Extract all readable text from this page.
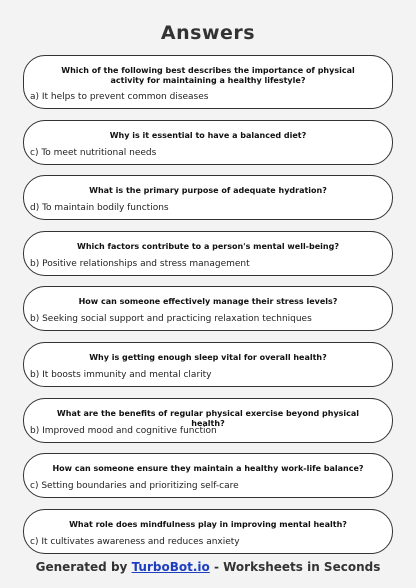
Answers
Which of the following best describes the importance of physical activity for maintaining a healthy lifestyle?
a) It helps to prevent common diseases
Why is it essential to have a balanced diet?
c) To meet nutritional needs
What is the primary purpose of adequate hydration?
d) To maintain bodily functions
Which factors contribute to a person's mental well-being?
b) Positive relationships and stress management
How can someone effectively manage their stress levels?
b) Seeking social support and practicing relaxation techniques
Why is getting enough sleep vital for overall health?
b) It boosts immunity and mental clarity
What are the benefits of regular physical exercise beyond physical health?
b) Improved mood and cognitive function
How can someone ensure they maintain a healthy work-life balance?
c) Setting boundaries and prioritizing self-care
What role does mindfulness play in improving mental health?
c) It cultivates awareness and reduces anxiety
Generated by TurboBot.io - Worksheets in Seconds
